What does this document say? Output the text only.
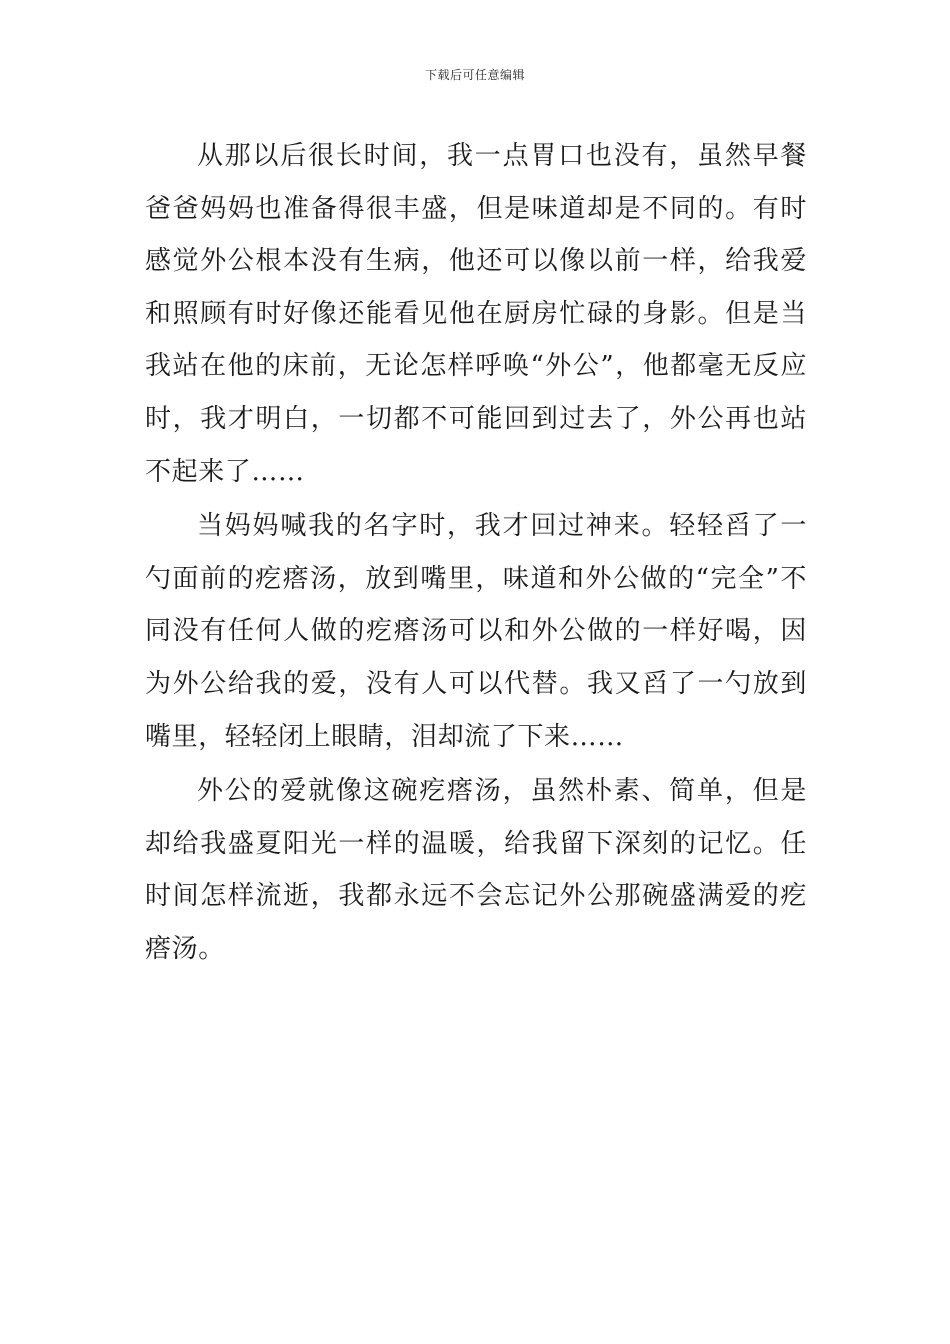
下载后可任意编辑

从那以后很长时间，我一点胃口也没有，虽然早餐爸爸妈妈也准备得很丰盛，但是味道却是不同的。有时感觉外公根本没有生病，他还可以像以前一样，给我爱和照顾有时好像还能看见他在厨房忙碌的身影。但是当我站在他的床前，无论怎样呼唤“外公”，他都毫无反应时，我才明白，一切都不可能回到过去了，外公再也站不起来了……

当妈妈喊我的名字时，我才回过神来。轻轻舀了一勺面前的疙瘩汤，放到嘴里，味道和外公做的“完全”不同没有任何人做的疙瘩汤可以和外公做的一样好喝，因为外公给我的爱，没有人可以代替。我又舀了一勺放到嘴里，轻轻闭上眼睛，泪却流了下来……

外公的爱就像这碗疙瘩汤，虽然朴素、简单，但是却给我盛夏阳光一样的温暖，给我留下深刻的记忆。任时间怎样流逝，我都永远不会忘记外公那碗盛满爱的疙瘩汤。
